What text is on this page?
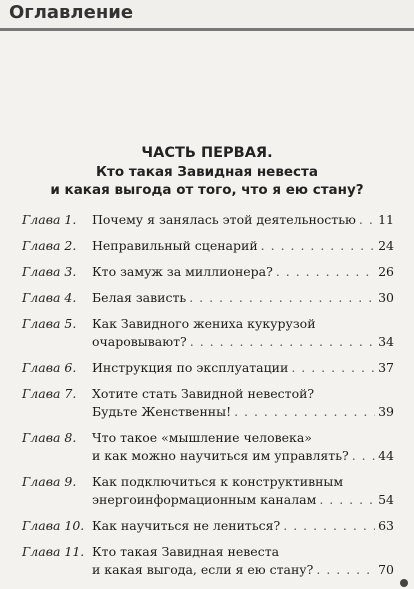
Оглавление
ЧАСТЬ ПЕРВАЯ.
Кто такая Завидная невеста
и какая выгода от того, что я ею стану?
Глава 1. Почему я занялась этой деятельностью . . . 11
Глава 2. Неправильный сценарий . . .	24
Глава 3. Кто замуж за миллионера? . . .	26
Глава 4. Белая зависть . . .	30
Глава 5. Как Завидного жениха кукурузой
очаровывают? . . .	34
Глава 6. Инструкция по эксплуатации . . .	37
Глава 7. Хотите стать Завидной невестой?
Будьте Женственны! . . .	39
Глава 8. Что такое «мышление человека»
и как можно научиться им управлять? . . . 44
Глава 9. Как подключиться к конструктивным
энергоинформационным каналам . . .	54
Глава 10. Как научиться не лениться? . . .	63
Глава 11. Кто такая Завидная невеста
и какая выгода, если я ею стану? . . .	70
